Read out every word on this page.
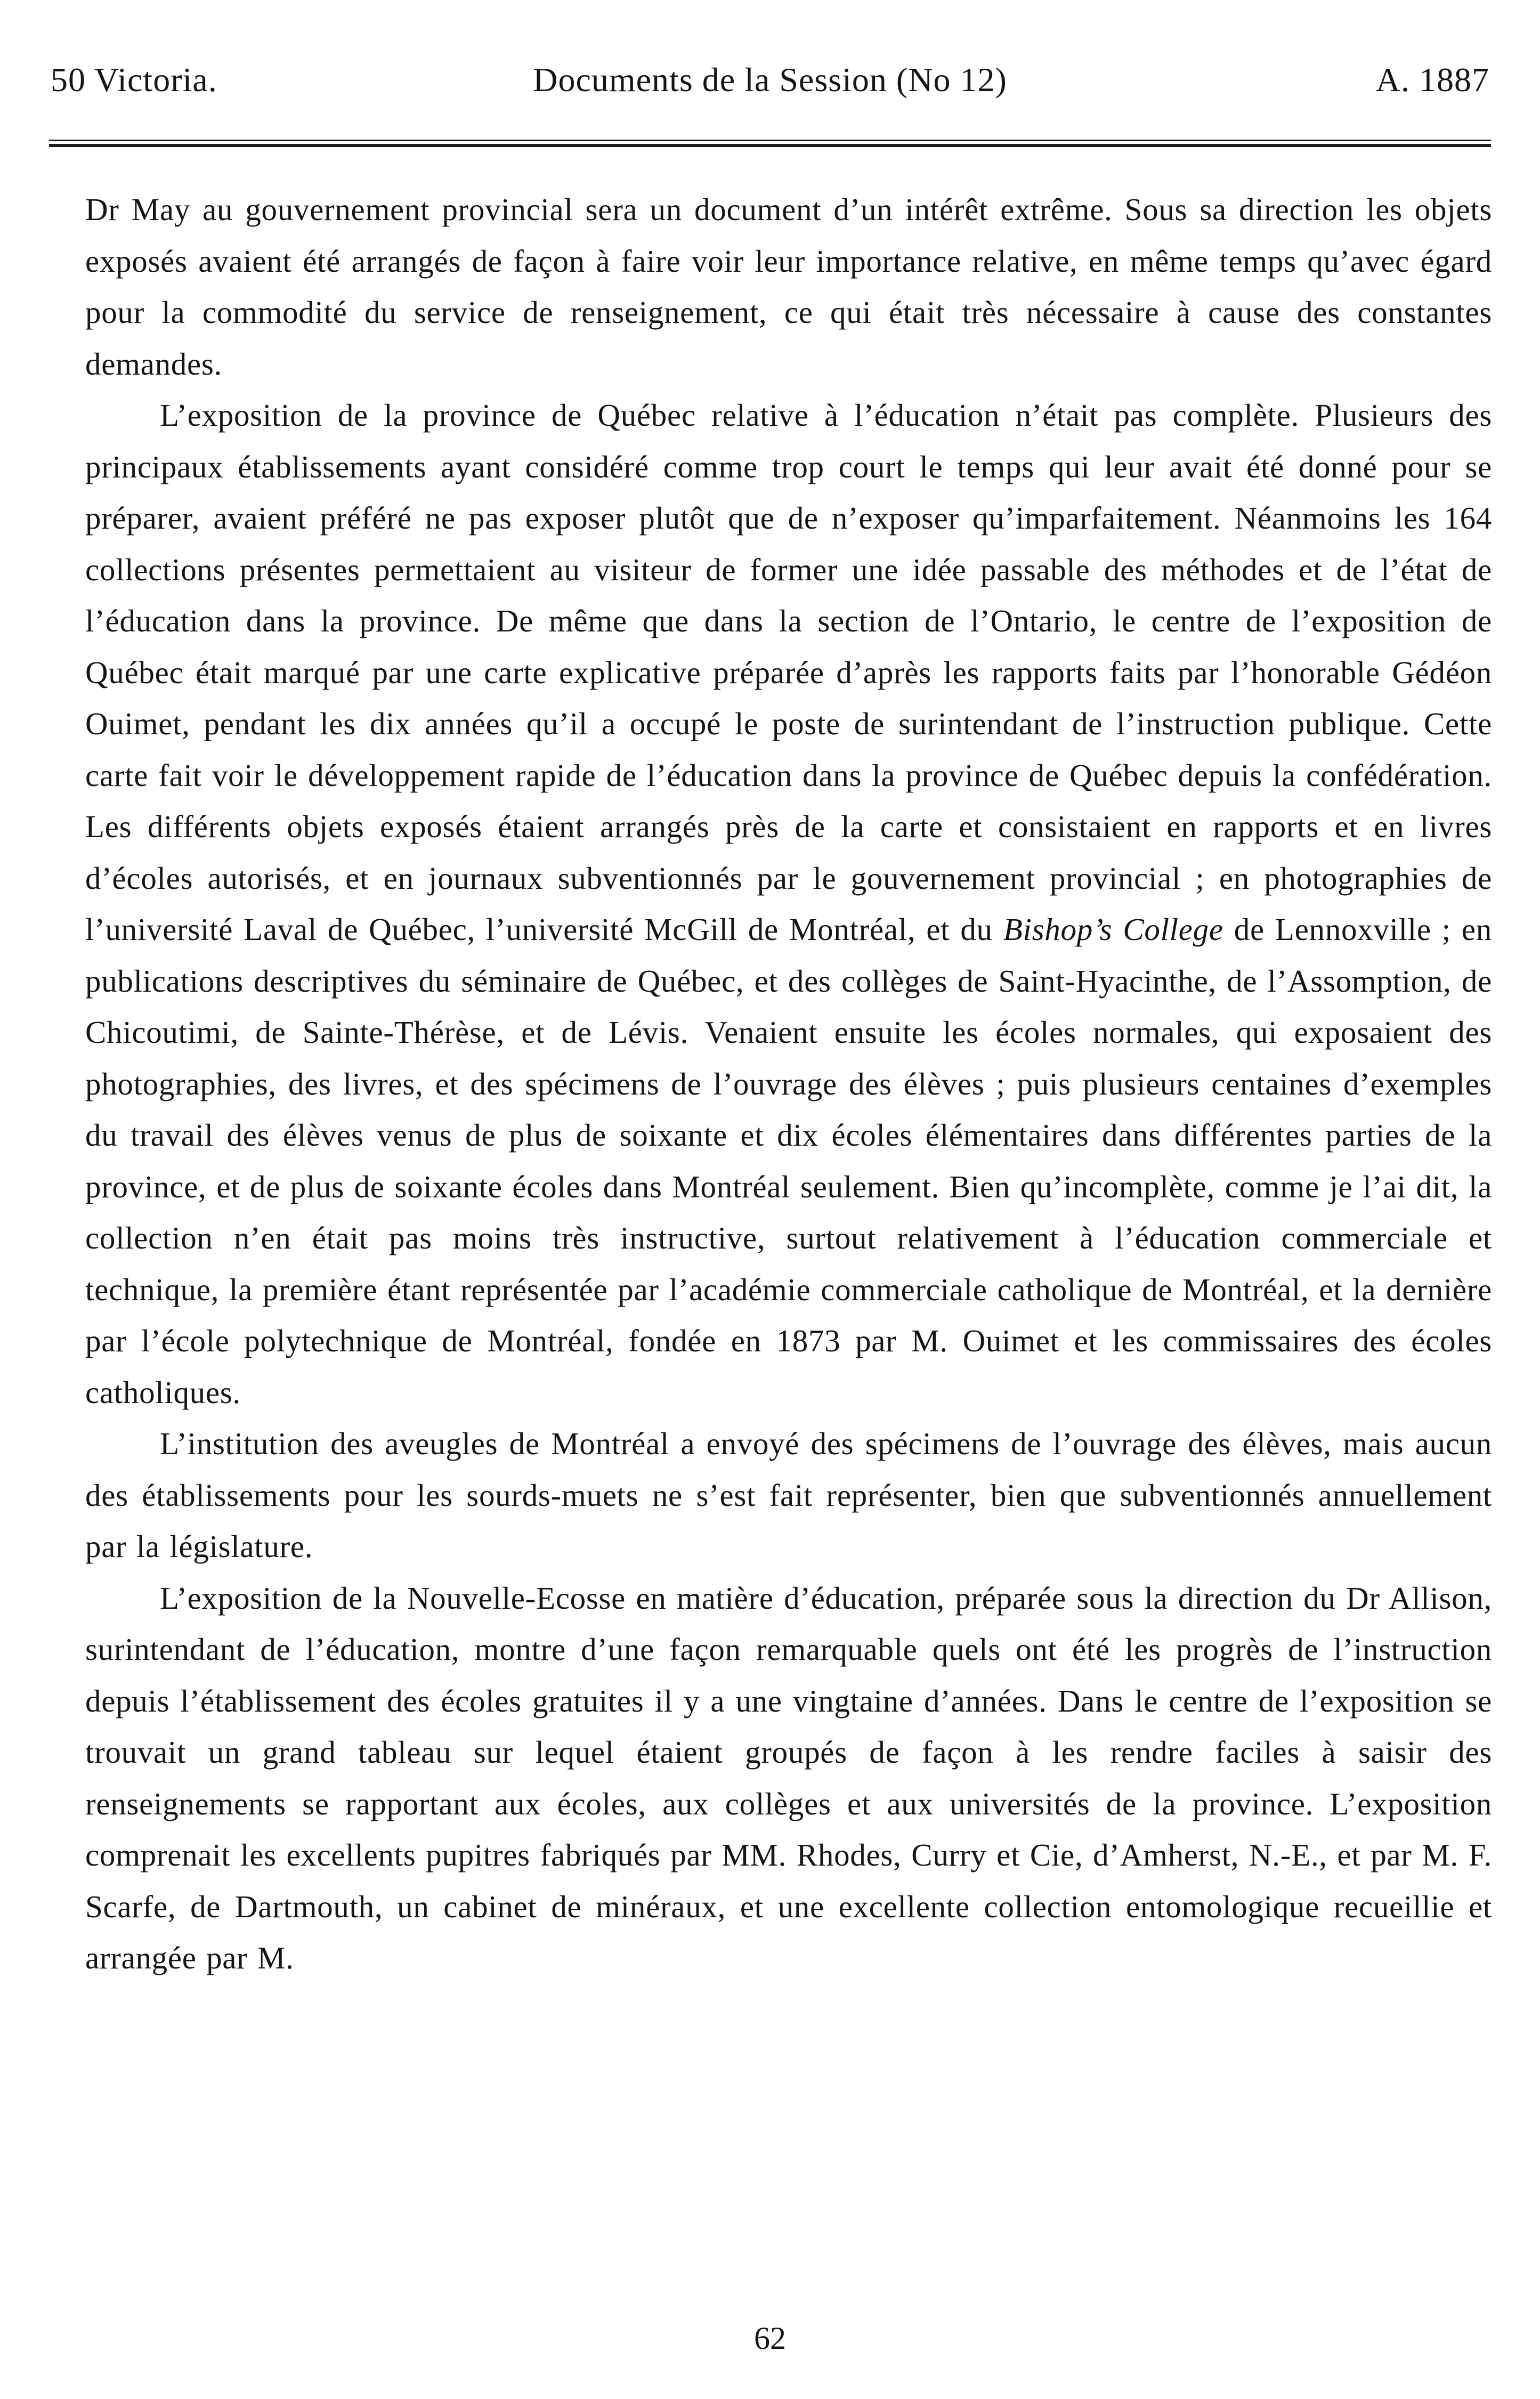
50 Victoria.	Documents de la Session (No 12)	A. 1887

Dr May au gouvernement provincial sera un document d’un intérêt extrême. Sous sa direction les objets exposés avaient été arrangés de façon à faire voir leur importance relative, en même temps qu’avec égard pour la commodité du service de renseignement, ce qui était très nécessaire à cause des constantes demandes.

L’exposition de la province de Québec relative à l’éducation n’était pas complète. Plusieurs des principaux établissements ayant considéré comme trop court le temps qui leur avait été donné pour se préparer, avaient préféré ne pas exposer plutôt que de n’exposer qu’imparfaitement. Néanmoins les 164 collections présentes permettaient au visiteur de former une idée passable des méthodes et de l’état de l’éducation dans la province. De même que dans la section de l’Ontario, le centre de l’exposition de Québec était marqué par une carte explicative préparée d’après les rapports faits par l’honorable Gédéon Ouimet, pendant les dix années qu’il a occupé le poste de surintendant de l’instruction publique. Cette carte fait voir le développement rapide de l’éducation dans la province de Québec depuis la confédération. Les différents objets exposés étaient arrangés près de la carte et consistaient en rapports et en livres d’écoles autorisés, et en journaux subventionnés par le gouvernement provincial ; en photographies de l’université Laval de Québec, l’université McGill de Montréal, et du Bishop’s College de Lennoxville ; en publications descriptives du séminaire de Québec, et des collèges de Saint-Hyacinthe, de l’Assomption, de Chicoutimi, de Sainte-Thérèse, et de Lévis. Venaient ensuite les écoles normales, qui exposaient des photographies, des livres, et des spécimens de l’ouvrage des élèves ; puis plusieurs centaines d’exemples du travail des élèves venus de plus de soixante et dix écoles élémentaires dans différentes parties de la province, et de plus de soixante écoles dans Montréal seulement. Bien qu’incomplète, comme je l’ai dit, la collection n’en était pas moins très instructive, surtout relativement à l’éducation commerciale et technique, la première étant représentée par l’académie commerciale catholique de Montréal, et la dernière par l’école polytechnique de Montréal, fondée en 1873 par M. Ouimet et les commissaires des écoles catholiques.

L’institution des aveugles de Montréal a envoyé des spécimens de l’ouvrage des élèves, mais aucun des établissements pour les sourds-muets ne s’est fait représenter, bien que subventionnés annuellement par la législature.

L’exposition de la Nouvelle-Ecosse en matière d’éducation, préparée sous la direction du Dr Allison, surintendant de l’éducation, montre d’une façon remarquable quels ont été les progrès de l’instruction depuis l’établissement des écoles gratuites il y a une vingtaine d’années. Dans le centre de l’exposition se trouvait un grand tableau sur lequel étaient groupés de façon à les rendre faciles à saisir des renseignements se rapportant aux écoles, aux collèges et aux universités de la province. L’exposition comprenait les excellents pupitres fabriqués par MM. Rhodes, Curry et Cie, d’Amherst, N.-E., et par M. F. Scarfe, de Dartmouth, un cabinet de minéraux, et une excellente collection entomologique recueillie et arrangée par M.

62
